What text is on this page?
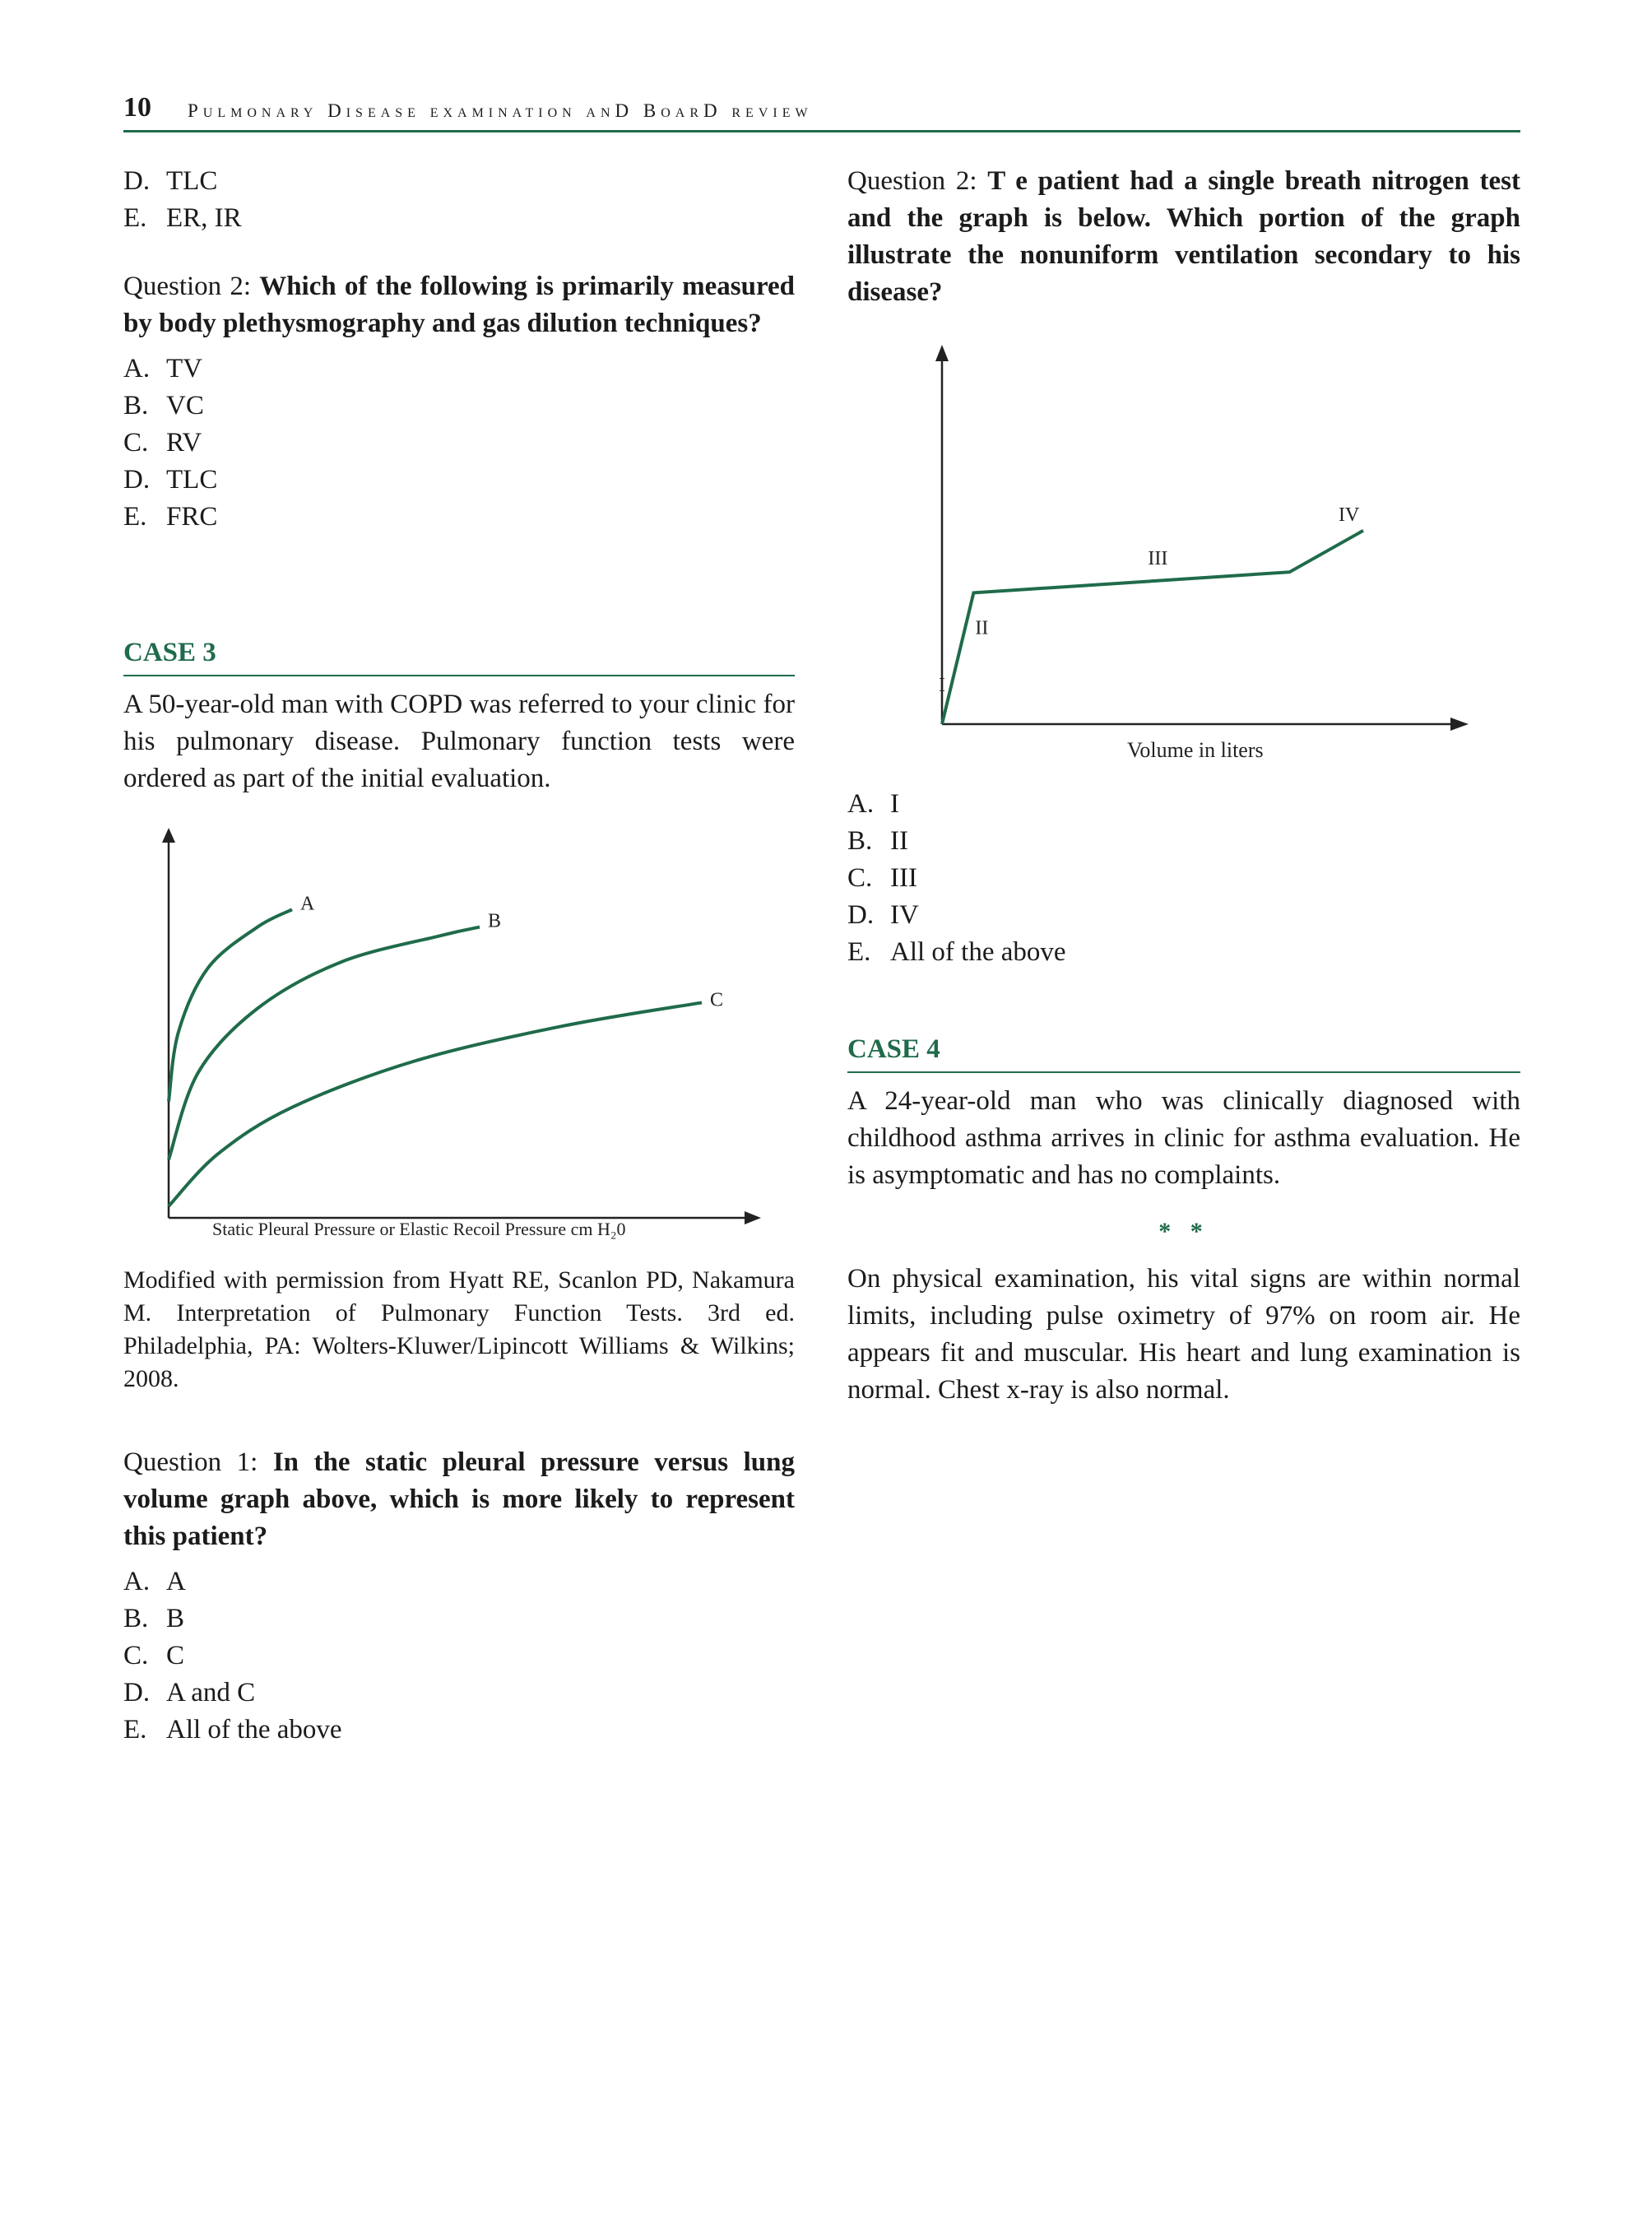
10 Pulmonary Disease examination anD BoarD review
D. TLC
E. ER, IR

Question 2: Which of the following is primarily measured by body plethysmography and gas dilution techniques?

A. TV
B. VC
C. RV
D. TLC
E. FRC
CASE 3

A 50-year-old man with COPD was referred to your clinic for his pulmonary disease. Pulmonary function tests were ordered as part of the initial evaluation.

A
B
C
Static Pleural Pressure or Elastic Recoil Pressure cm H₂0

Modified with permission from Hyatt RE, Scanlon PD, Nakamura M. Interpretation of Pulmonary Function Tests. 3rd ed. Philadelphia, PA: Wolters-Kluwer/Lipincott Williams & Wilkins; 2008.

Question 1: In the static pleural pressure versus lung volume graph above, which is more likely to represent this patient?

A. A
B. B
C. C
D. A and C
E. All of the above

Question 2: T e patient had a single breath nitrogen test and the graph is below. Which portion of the graph illustrate the nonuniform ventilation secondary to his disease?

I
II
III
IV
Volume in liters
A. I
B. II
C. III
D. IV
E. All of the above
CASE 4

A 24-year-old man who was clinically diagnosed with childhood asthma arrives in clinic for asthma evaluation. He is asymptomatic and has no complaints.

* *

On physical examination, his vital signs are within normal limits, including pulse oximetry of 97% on room air. He appears fit and muscular. His heart and lung examination is normal. Chest x-ray is also normal.
